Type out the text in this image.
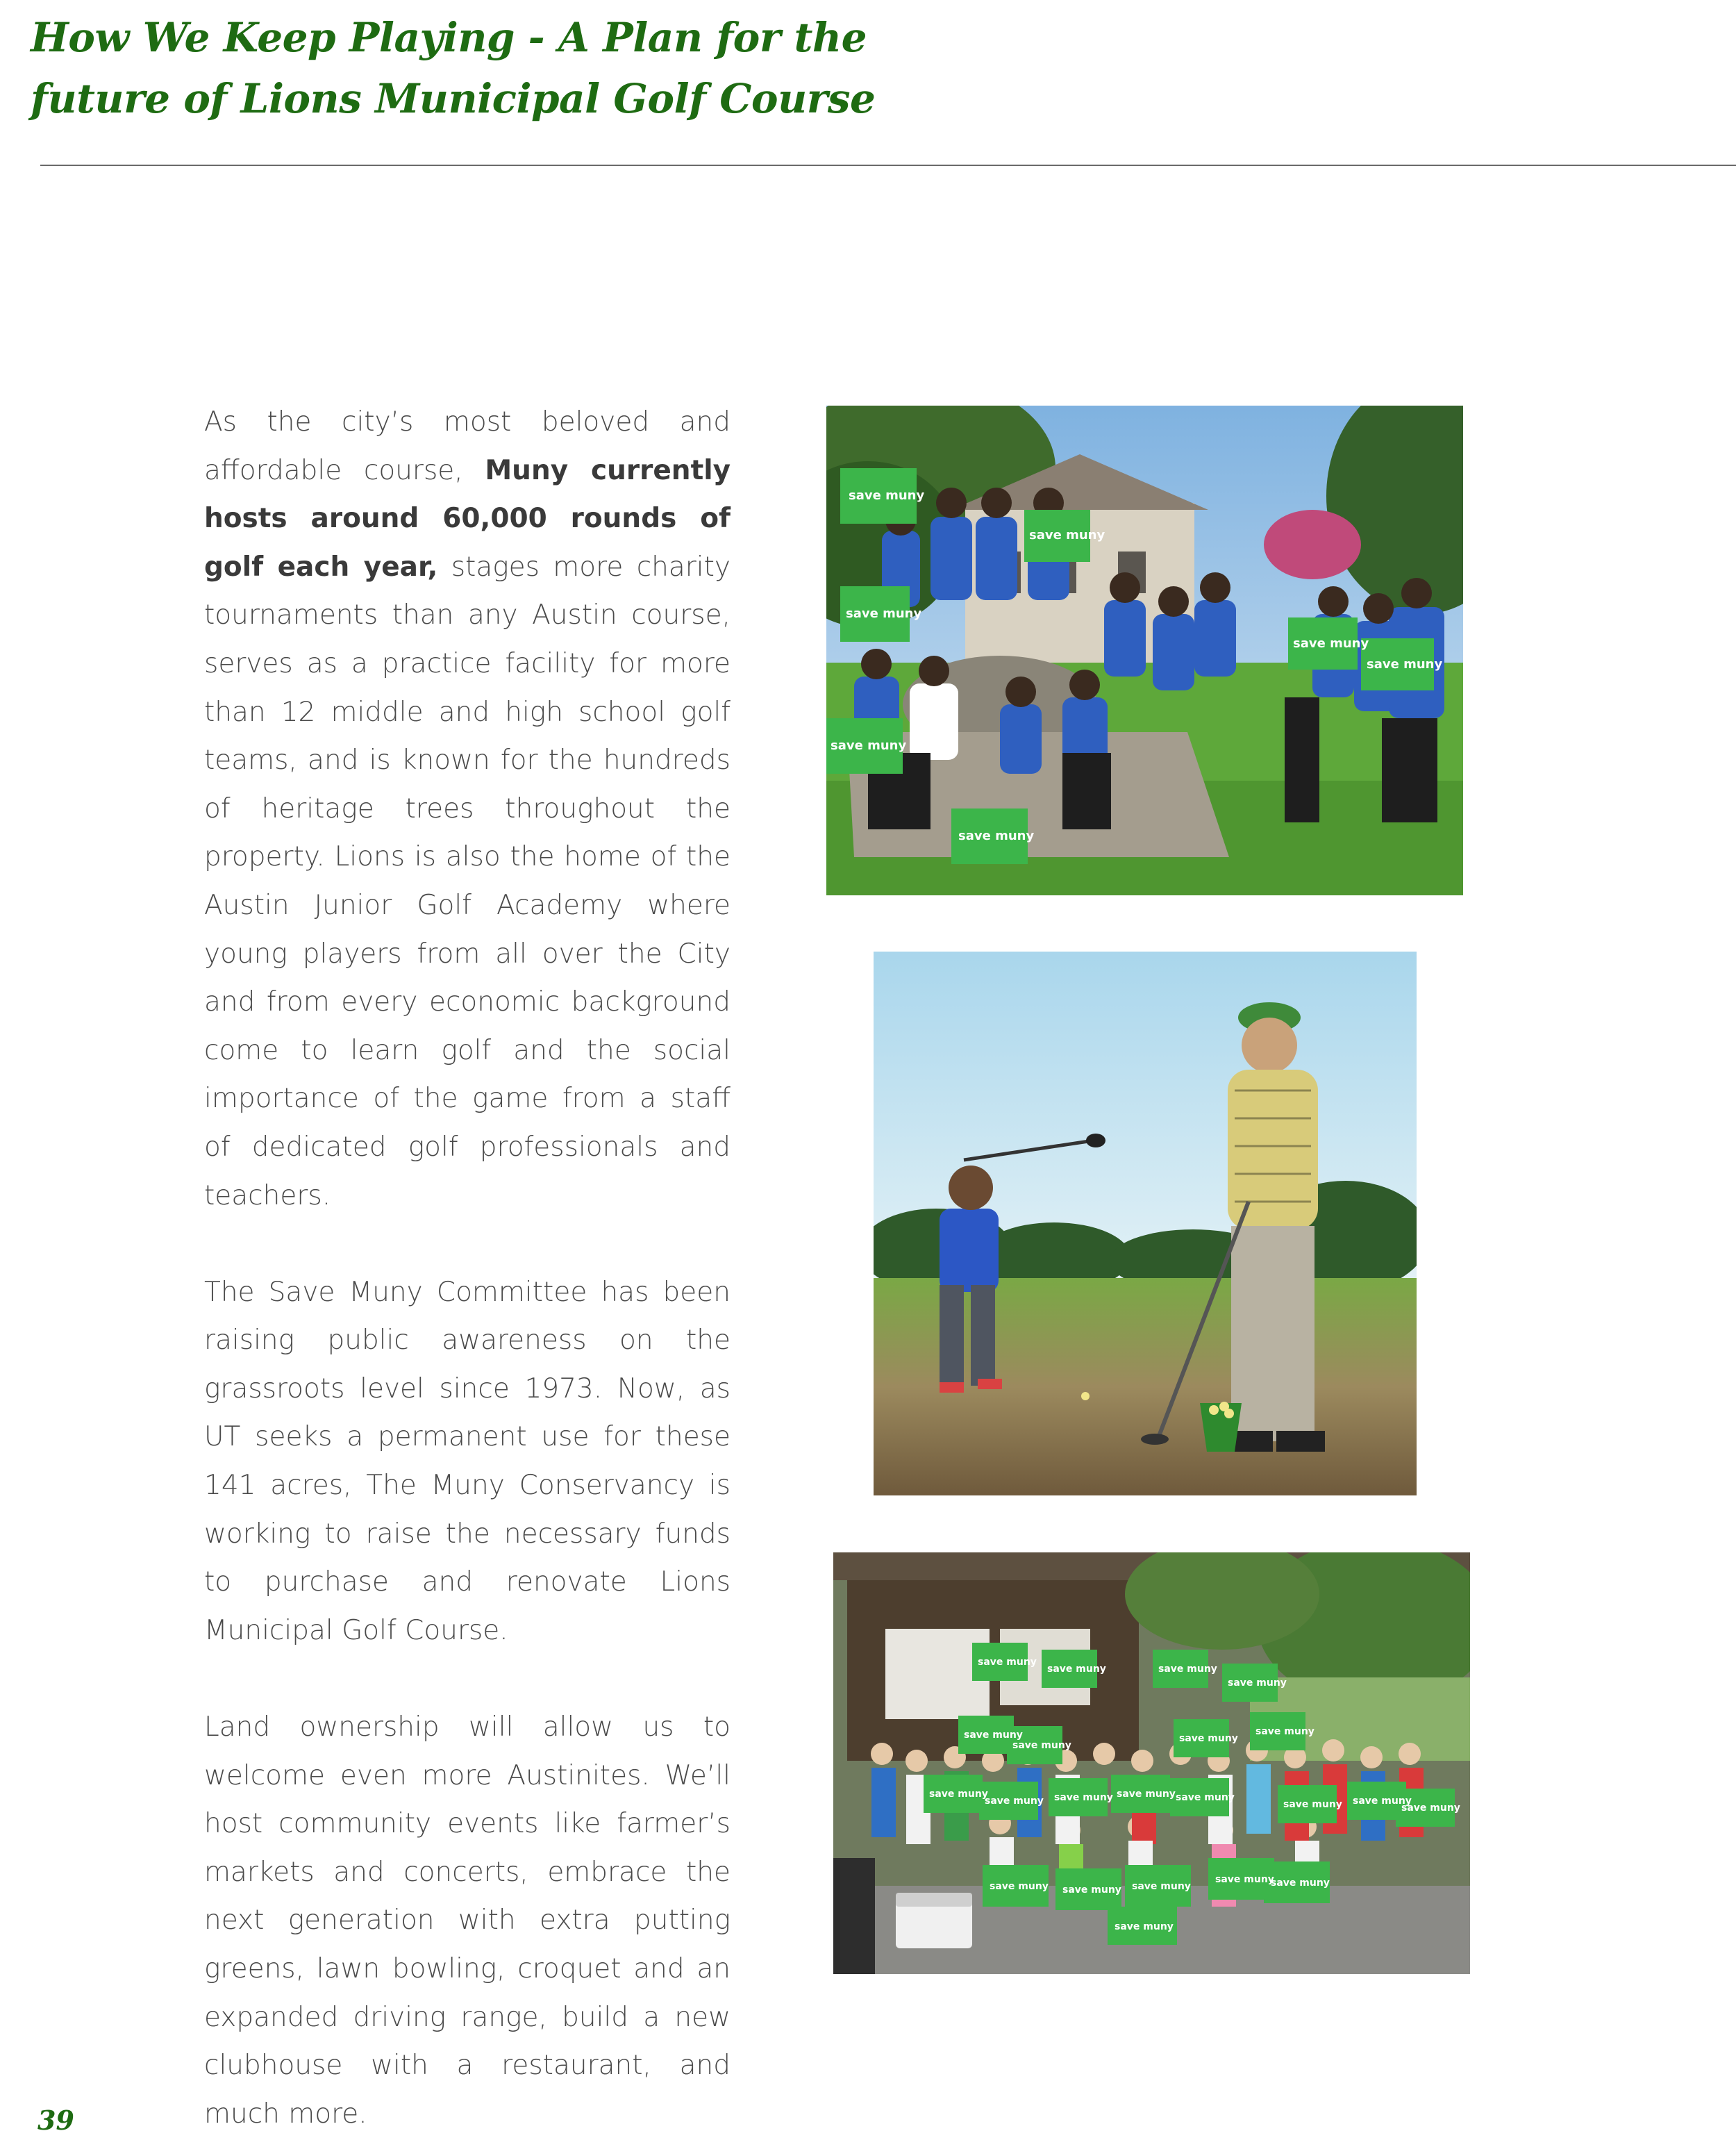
How We Keep Playing - A Plan for the
future of Lions Municipal Golf Course

As the city’s most beloved and affordable course, Muny currently hosts around 60,000 rounds of golf each year, stages more charity tournaments than any Austin course, serves as a practice facility for more than 12 middle and high school golf teams, and is known for the hundreds of heritage trees throughout the property. Lions is also the home of the Austin Junior Golf Academy where young players from all over the City and from every economic background come to learn golf and the social importance of the game from a staff of dedicated golf professionals and teachers.

The Save Muny Committee has been raising public awareness on the grassroots level since 1973. Now, as UT seeks a permanent use for these 141 acres, The Muny Conservancy is working to raise the necessary funds to purchase and renovate Lions Municipal Golf Course.

Land ownership will allow us to welcome even more Austinites. We’ll host community events like farmer’s markets and concerts, embrace the next generation with extra putting greens, lawn bowling, croquet and an expanded driving range, build a new clubhouse with a restaurant, and much more.

save muny
save muny
save muny
save muny
save muny
save muny
save muny
save muny
save muny	save muny
save muny
save muny
save muny
save muny
save muny
save muny
save muny save muny save muny save muny
save muny save muny
save muny
save muny save muny save muny
save muny
save muny
save muny
39
